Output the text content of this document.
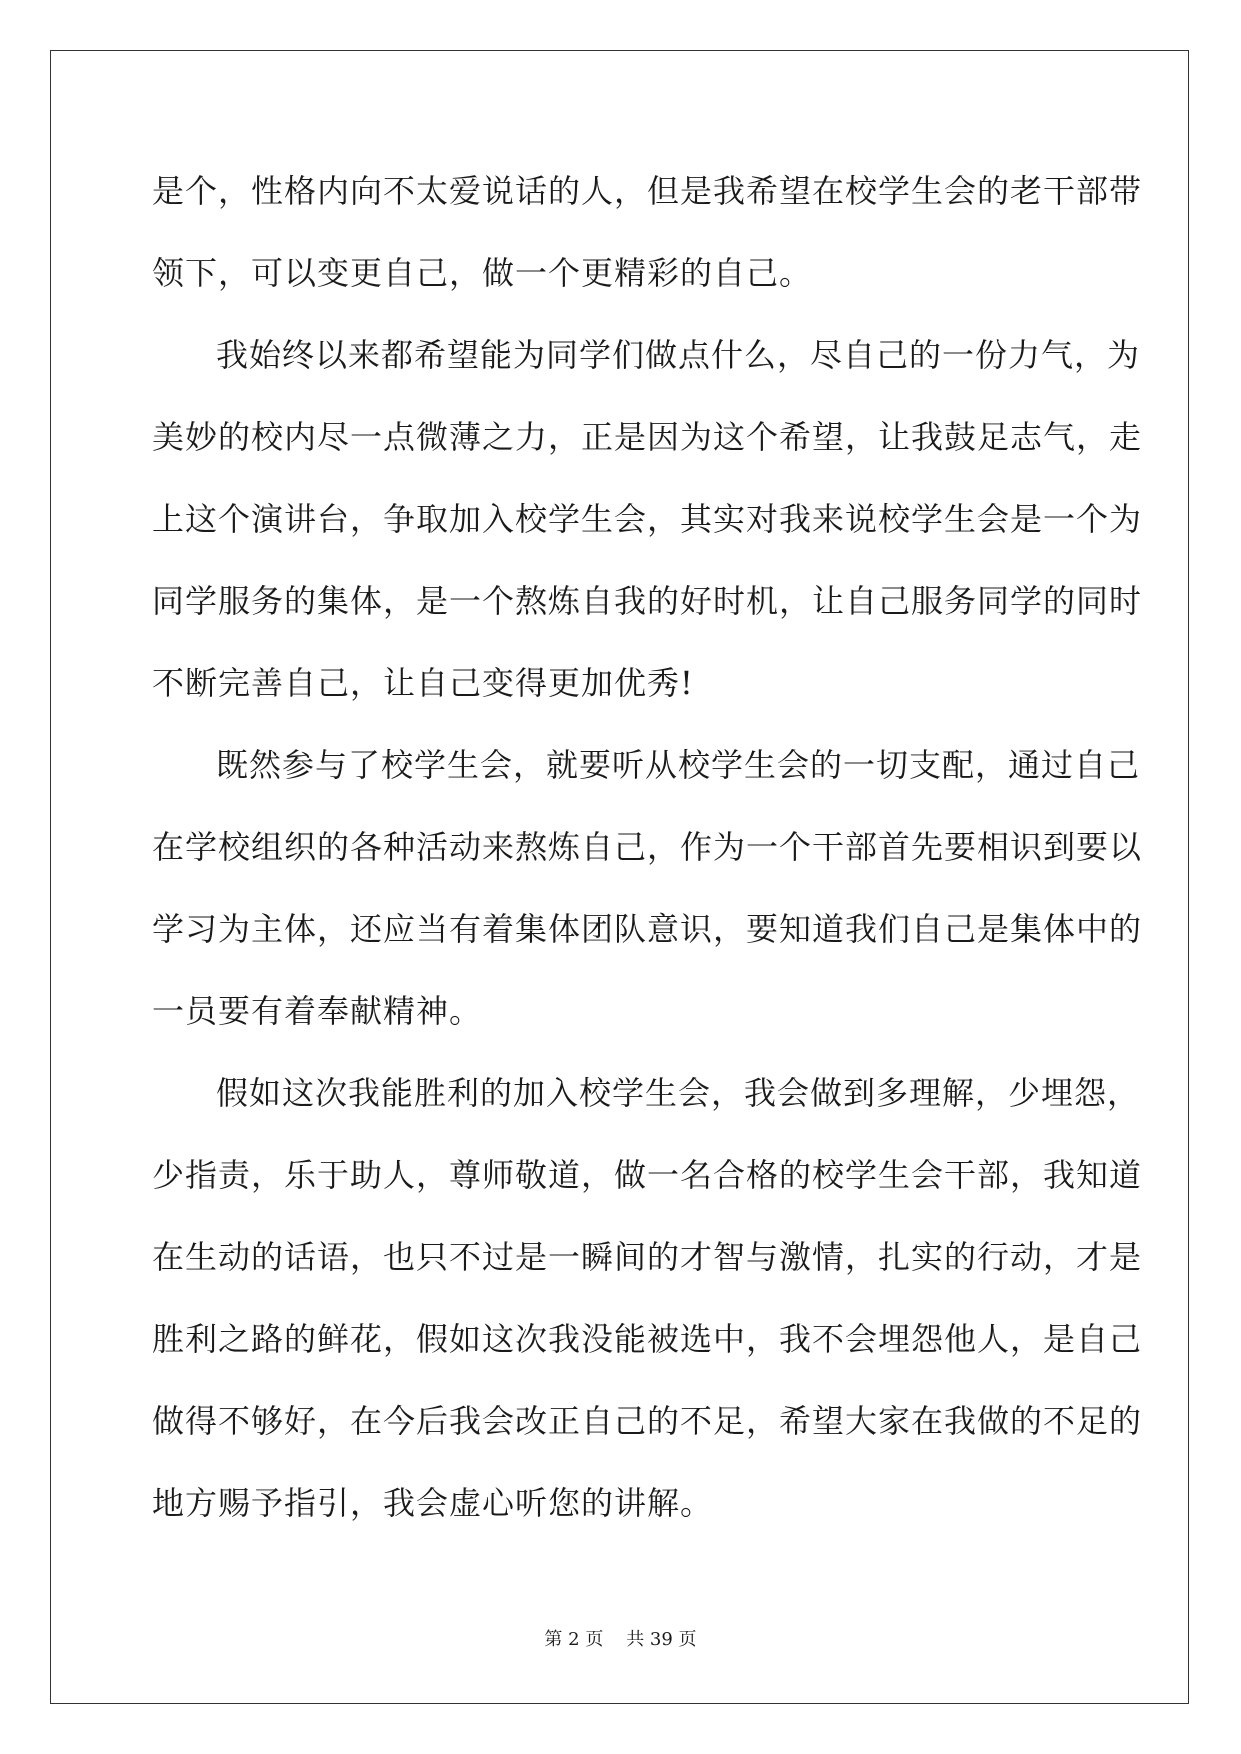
是个，性格内向不太爱说话的人，但是我希望在校学生会的老干部带
领下，可以变更自己，做一个更精彩的自己。
我始终以来都希望能为同学们做点什么，尽自己的一份力气，为
美妙的校内尽一点微薄之力，正是因为这个希望，让我鼓足志气，走
上这个演讲台，争取加入校学生会，其实对我来说校学生会是一个为
同学服务的集体，是一个熬炼自我的好时机，让自己服务同学的同时
不断完善自己，让自己变得更加优秀!
既然参与了校学生会，就要听从校学生会的一切支配，通过自己
在学校组织的各种活动来熬炼自己，作为一个干部首先要相识到要以
学习为主体，还应当有着集体团队意识，要知道我们自己是集体中的
一员要有着奉献精神。
假如这次我能胜利的加入校学生会，我会做到多理解，少埋怨，
少指责，乐于助人，尊师敬道，做一名合格的校学生会干部，我知道
在生动的话语，也只不过是一瞬间的才智与激情，扎实的行动，才是
胜利之路的鲜花，假如这次我没能被选中，我不会埋怨他人，是自己
做得不够好，在今后我会改正自己的不足，希望大家在我做的不足的
地方赐予指引，我会虚心听您的讲解。
第 2 页    共 39 页
